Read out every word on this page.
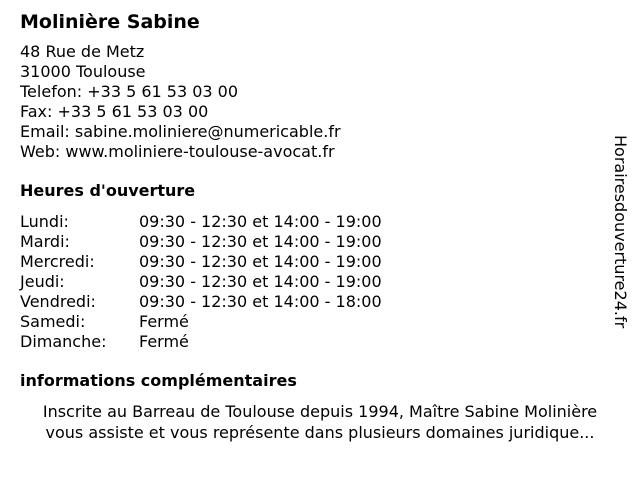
Molinière Sabine
48 Rue de Metz
31000 Toulouse
Telefon: +33 5 61 53 03 00
Fax: +33 5 61 53 03 00
Email: sabine.moliniere@numericable.fr
Web: www.moliniere-toulouse-avocat.fr
Heures d'ouverture
Lundi:	09:30 - 12:30 et 14:00 - 19:00
Mardi:	09:30 - 12:30 et 14:00 - 19:00
Mercredi:	09:30 - 12:30 et 14:00 - 19:00
Jeudi:	09:30 - 12:30 et 14:00 - 19:00
Vendredi:	09:30 - 12:30 et 14:00 - 18:00
Samedi:	Fermé
Dimanche:	Fermé
informations complémentaires
Inscrite au Barreau de Toulouse depuis 1994, Maître Sabine Molinière
vous assiste et vous représente dans plusieurs domaines juridique...
Horairesdouverture24.fr
